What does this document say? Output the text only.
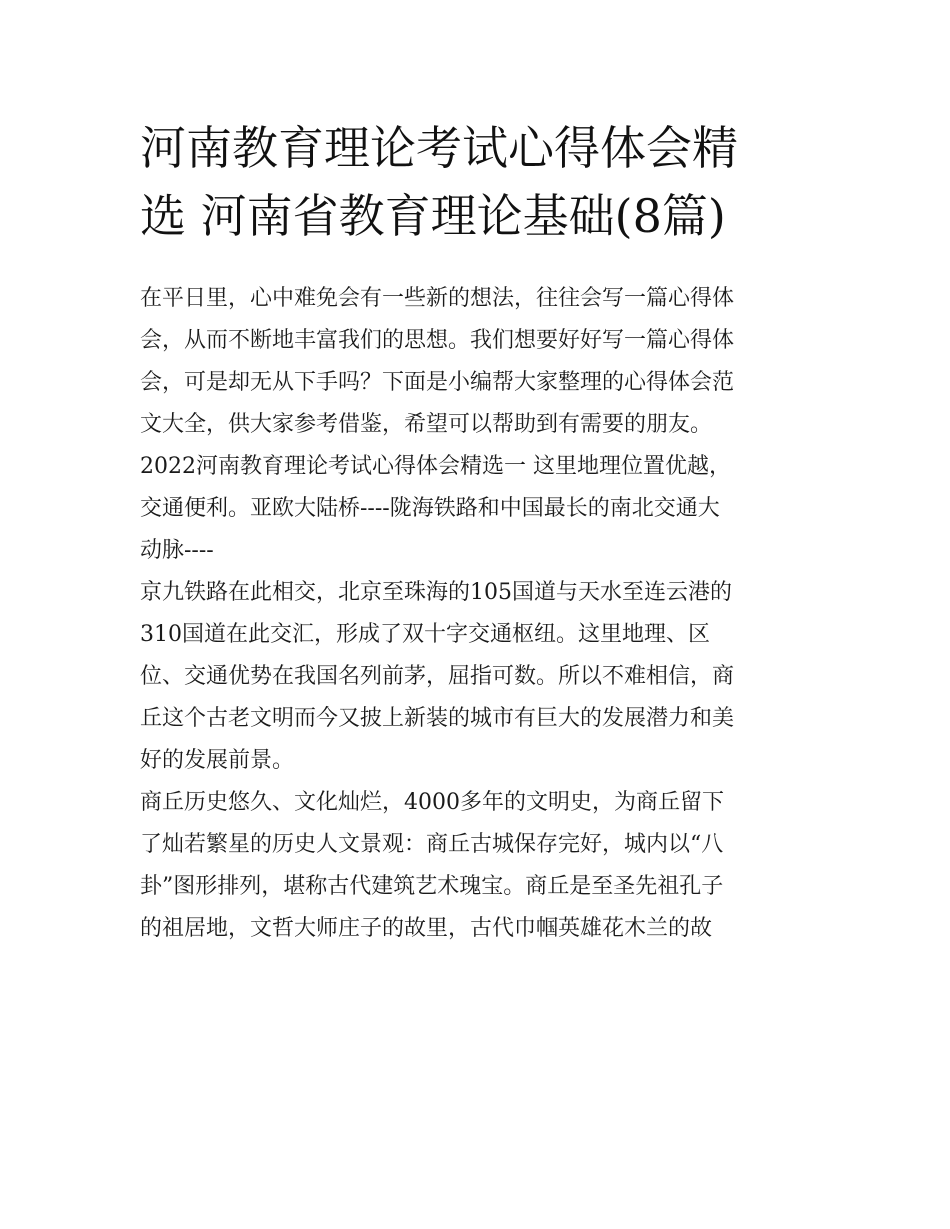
河南教育理论考试心得体会精
选 河南省教育理论基础(8篇)
在平日里，心中难免会有一些新的想法，往往会写一篇心得体
会，从而不断地丰富我们的思想。我们想要好好写一篇心得体
会，可是却无从下手吗？下面是小编帮大家整理的心得体会范
文大全，供大家参考借鉴，希望可以帮助到有需要的朋友。
2022河南教育理论考试心得体会精选一 这里地理位置优越，
交通便利。亚欧大陆桥----陇海铁路和中国最长的南北交通大
动脉----
京九铁路在此相交，北京至珠海的105国道与天水至连云港的
310国道在此交汇，形成了双十字交通枢纽。这里地理、区
位、交通优势在我国名列前茅，屈指可数。所以不难相信，商
丘这个古老文明而今又披上新装的城市有巨大的发展潜力和美
好的发展前景。
商丘历史悠久、文化灿烂，4000多年的文明史，为商丘留下
了灿若繁星的历史人文景观：商丘古城保存完好，城内以“八
卦”图形排列，堪称古代建筑艺术瑰宝。商丘是至圣先祖孔子
的祖居地，文哲大师庄子的故里，古代巾帼英雄花木兰的故
